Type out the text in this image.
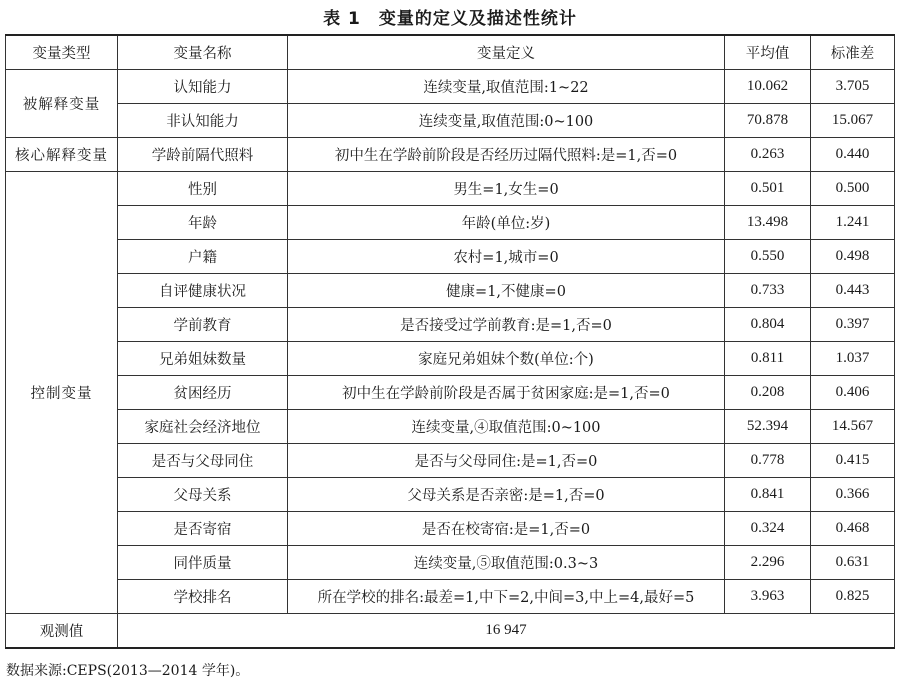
表 1　变量的定义及描述性统计
变量类型	变量名称	变量定义	平均值	标准差
被解释变量	认知能力	连续变量,取值范围:1~22	10.062	3.705
	非认知能力	连续变量,取值范围:0~100	70.878	15.067
核心解释变量	学龄前隔代照料	初中生在学龄前阶段是否经历过隔代照料:是=1,否=0	0.263	0.440
控制变量	性别	男生=1,女生=0	0.501	0.500
	年龄	年龄(单位:岁)	13.498	1.241
	户籍	农村=1,城市=0	0.550	0.498
	自评健康状况	健康=1,不健康=0	0.733	0.443
	学前教育	是否接受过学前教育:是=1,否=0	0.804	0.397
	兄弟姐妹数量	家庭兄弟姐妹个数(单位:个)	0.811	1.037
	贫困经历	初中生在学龄前阶段是否属于贫困家庭:是=1,否=0	0.208	0.406
	家庭社会经济地位	连续变量,④取值范围:0~100	52.394	14.567
	是否与父母同住	是否与父母同住:是=1,否=0	0.778	0.415
	父母关系	父母关系是否亲密:是=1,否=0	0.841	0.366
	是否寄宿	是否在校寄宿:是=1,否=0	0.324	0.468
	同伴质量	连续变量,⑤取值范围:0.3~3	2.296	0.631
	学校排名	所在学校的排名:最差=1,中下=2,中间=3,中上=4,最好=5	3.963	0.825
观测值	16 947			
数据来源:CEPS(2013—2014 学年)。
